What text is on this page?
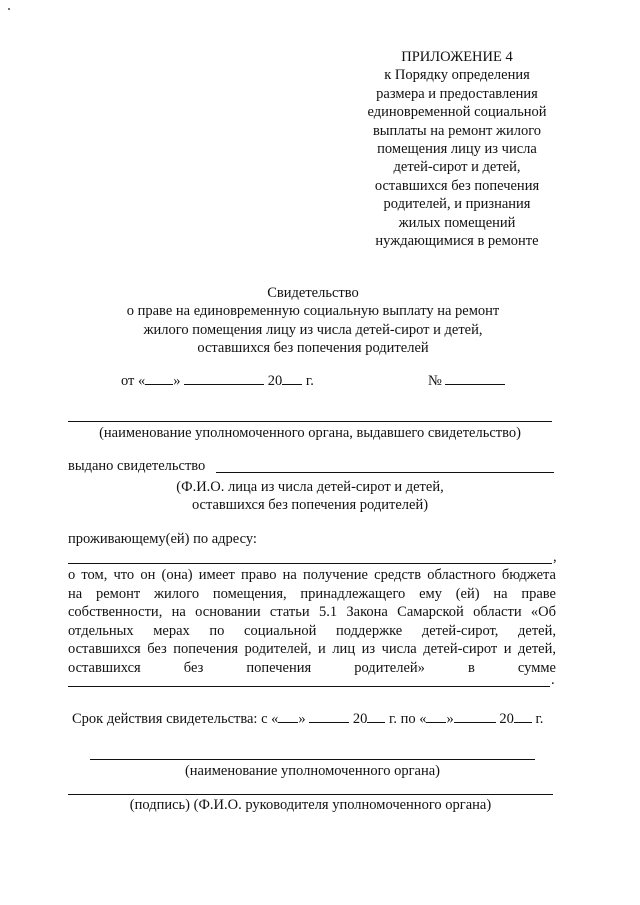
ПРИЛОЖЕНИЕ 4
к Порядку определения
размера и предоставления
единовременной социальной
выплаты на ремонт жилого
помещения лицу из числа
детей-сирот и детей,
оставшихся без попечения
родителей, и признания
жилых помещений
нуждающимися в ремонте
Свидетельство
о праве на единовременную социальную выплату на ремонт
жилого помещения лицу из числа детей-сирот и детей,
оставшихся без попечения родителей
от « »	20 г.	№
(наименование уполномоченного органа, выдавшего свидетельство)
выдано свидетельство
(Ф.И.О. лица из числа детей-сирот и детей,
оставшихся без попечения родителей)
проживающему(ей) по адресу:
,
о том, что он (она) имеет право на получение средств областного бюджета
на ремонт жилого помещения, принадлежащего ему (ей) на праве
собственности, на основании статьи 5.1 Закона Самарской области «Об
отдельных мерах по социальной поддержке детей-сирот, детей,
оставшихся без попечения родителей, и лиц из числа детей-сирот и детей,
оставшихся без попечения родителей» в сумме
.
Срок действия свидетельства: с « »	20 г. по « »	20 г.
(наименование уполномоченного органа)
(подпись) (Ф.И.О. руководителя уполномоченного органа)
